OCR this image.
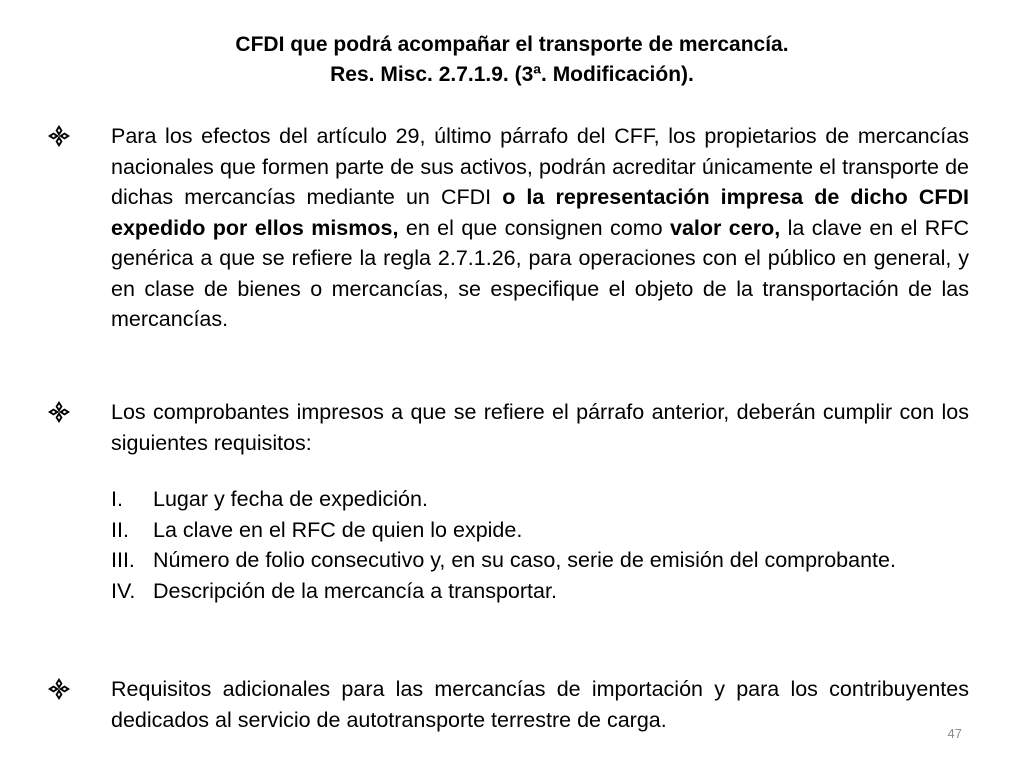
CFDI que podrá acompañar el transporte de mercancía.
Res. Misc. 2.7.1.9. (3ª. Modificación).
Para los efectos del artículo 29, último párrafo del CFF, los propietarios de mercancías nacionales que formen parte de sus activos, podrán acreditar únicamente el transporte de dichas mercancías mediante un CFDI o la representación impresa de dicho CFDI expedido por ellos mismos, en el que consignen como valor cero, la clave en el RFC genérica a que se refiere la regla 2.7.1.26, para operaciones con el público en general, y en clase de bienes o mercancías, se especifique el objeto de la transportación de las mercancías.
Los comprobantes impresos a que se refiere el párrafo anterior, deberán cumplir con los siguientes requisitos:
I. Lugar y fecha de expedición.
II. La clave en el RFC de quien lo expide.
III. Número de folio consecutivo y, en su caso, serie de emisión del comprobante.
IV. Descripción de la mercancía a transportar.
Requisitos adicionales para las mercancías de importación y para los contribuyentes dedicados al servicio de autotransporte terrestre de carga.
47
